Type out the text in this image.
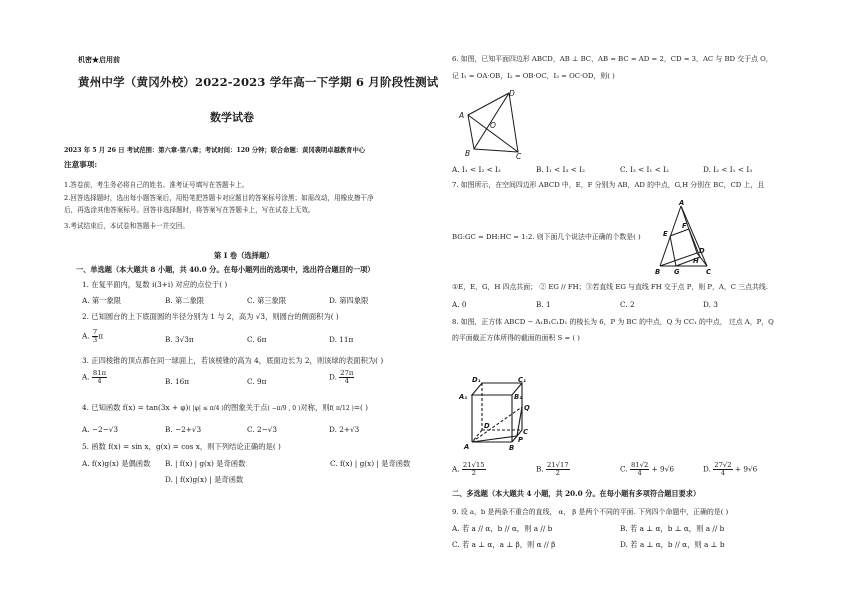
机密★启用前
黄州中学（黄冈外校）2022-2023 学年高一下学期 6 月阶段性测试
数学试卷
2023 年 5 月 26 日 考试范围：第六章-第八章；考试时间：120 分钟；联合命题：黄冈袭明卓越教育中心
注意事项:
1.答卷前，考生务必将自己的姓名、准考证号填写在答题卡上。
2.回答选择题时，选出每小题答案后，用铅笔把答题卡对应题目的答案标号涂黑；如需改动，用橡皮擦干净
后，再选涂其他答案标号。回答非选择题时，将答案写在答题卡上，写在试卷上无效。
3.考试结束后，本试卷和答题卡一并交回。
第 I 卷（选择题）
一、单选题（本大题共 8 小题，共 40.0 分。在每小题列出的选项中，选出符合题目的一项）
1. 在复平面内，复数 i(3+i) 对应的点位于( )
A. 第一象限	B. 第二象限	C. 第三象限	D. 第四象限
2. 已知圆台的上下底面圆的半径分别为 1 与 2，高为 √3，则圆台的侧面积为( )
A. $\frac{7}{3}$ π	B. 3√3π	C. 6π	D. 11π
3. 正四棱锥的顶点都在同一球面上，若该棱锥的高为 4，底面边长为 2，则该球的表面积为( )
A. $\frac{81\pi}{4}$	B. 16π	C. 9π	D. $\frac{27\pi}{4}$
4. 已知函数 f(x) = tan(3x + φ)( |φ| ≤ π/4 )的图象关于点( −π/9 , 0 )对称，则f( π/12 )=( )
A. −2−√3	B. −2+√3	C. 2−√3	D. 2+√3
5. 函数 f(x) = sin x，g(x) = cos x，则下列结论正确的是( )
A. f(x)g(x) 是偶函数 B. | f(x) | g(x) 是奇函数	C. f(x) | g(x) | 是奇函数
D. | f(x)g(x) | 是奇函数
6. 如图，已知平面四边形 ABCD，AB ⊥ BC，AB = BC = AD = 2，CD = 3，AC 与 BD 交于点 O，
记 I₁ = OA·OB，I₂ = OB·OC，I₃ = OC·OD，则( )
A
B	C
D
O
A. I₁ < I₂ < I₃	B. I₁ < I₃ < I₂	C. I₃ < I₁ < I₂	D. I₂ < I₁ < I₃
7. 如图所示，在空间四边形 ABCD 中，E，F 分别为 AB，AD 的中点，G,H 分别在 BC，CD 上，且
BG:GC = DH:HC = 1:2. 则下面几个说法中正确的个数是( )
A
E
F
D
H
B G	C
①E，E，G，H 四点共面； ② EG // FH；③若直线 EG 与直线 FH 交于点 P，则 P，A，C 三点共线.
A. 0	B. 1	C. 2	D. 3
8. 如图，正方体 ABCD − A₁B₁C₁D₁ 的棱长为 6，P 为 BC 的中点，Q 为 CC₁ 的中点， 过点 A，P，Q
的平面截正方体所得的截面的面积 S = ( )
D₁	C₁
A₁	B₁
Q
D
C
A	B
P
A. $\frac{21√15}{2}$	B. $\frac{21√17}{2}$	C. $\frac{81√2}{4} + 9√6$	D. $\frac{27√2}{4} + 9√6$
二、多选题（本大题共 4 小题，共 20.0 分。在每小题有多项符合题目要求）
9. 设 a，b 是两条不重合的直线， α， β 是两个不同的平面. 下列四个命题中，正确的是( )
A. 若 a // α，b // α，则 a // b	B. 若 a ⊥ α，b ⊥ α，则 a // b
C. 若 a ⊥ α，a ⊥ β，则 α // β	D. 若 a ⊥ α，b // α，则 a ⊥ b
